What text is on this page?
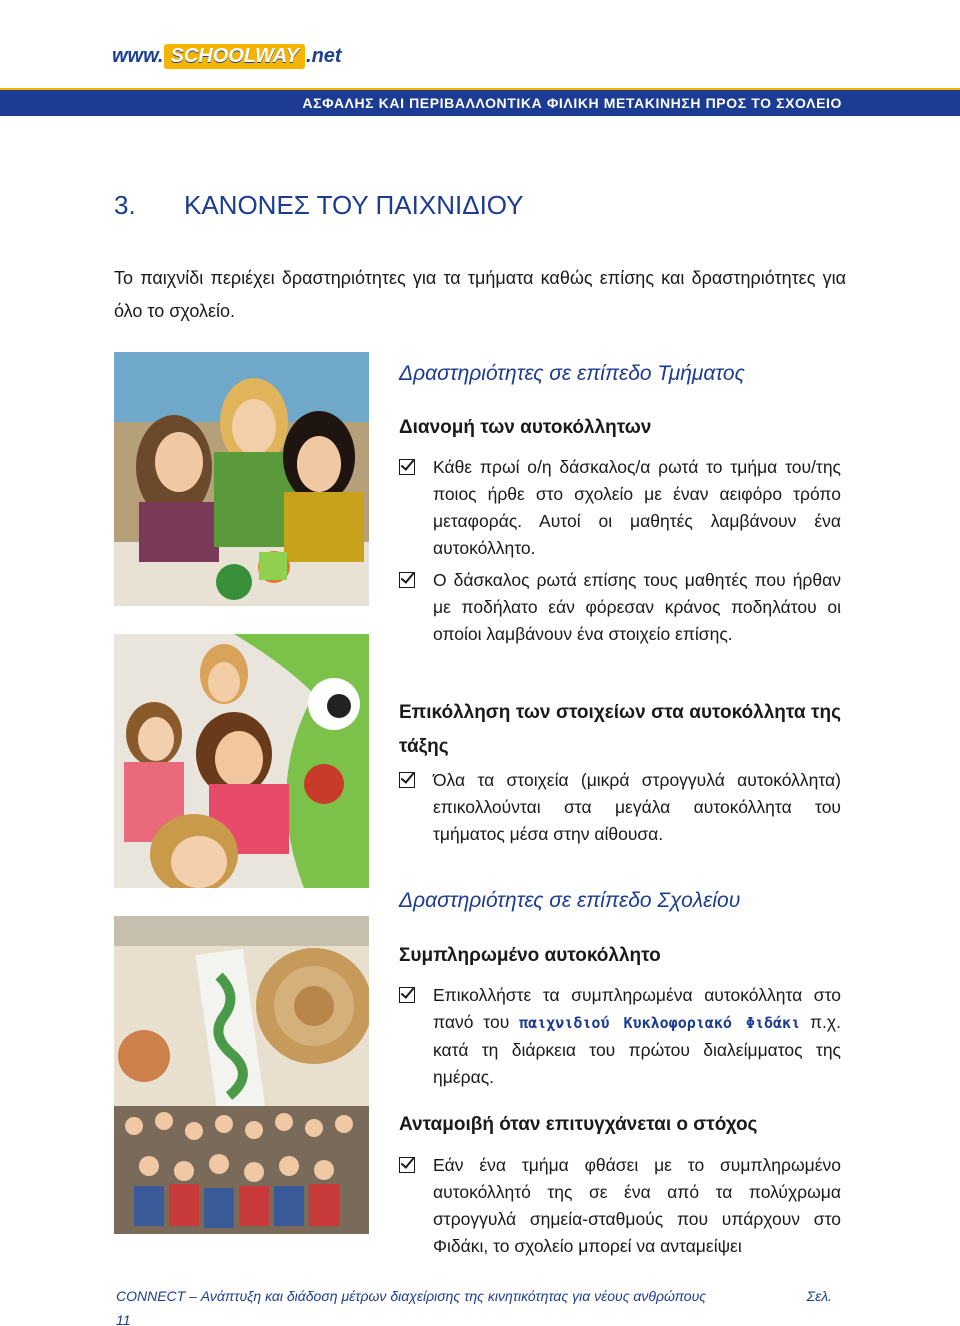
www. SCHOOLWAY .net
ΑΣΦΑΛΗΣ ΚΑΙ ΠΕΡΙΒΑΛΛΟΝΤΙΚΑ ΦΙΛΙΚΗ ΜΕΤΑΚΙΝΗΣΗ ΠΡΟΣ ΤΟ ΣΧΟΛΕΙΟ
3. ΚΑΝΟΝΕΣ ΤΟΥ ΠΑΙΧΝΙΔΙΟΥ

Το παιχνίδι περιέχει δραστηριότητες για τα τμήματα καθώς επίσης και δραστηριότητες για όλο το σχολείο.

Δραστηριότητες σε επίπεδο Τμήματος
Διανομή των αυτοκόλλητων
Κάθε πρωί ο/η δάσκαλος/α ρωτά το τμήμα του/της ποιος ήρθε στο σχολείο με έναν αειφόρο τρόπο μεταφοράς. Αυτοί οι μαθητές λαμβάνουν ένα αυτοκόλλητο.
Ο δάσκαλος ρωτά επίσης τους μαθητές που ήρθαν με ποδήλατο εάν φόρεσαν κράνος ποδηλάτου οι οποίοι λαμβάνουν ένα στοιχείο επίσης.
Επικόλληση των στοιχείων στα αυτοκόλλητα της τάξης
Όλα τα στοιχεία (μικρά στρογγυλά αυτοκόλλητα) επικολλούνται στα μεγάλα αυτοκόλλητα του τμήματος μέσα στην αίθουσα.
Δραστηριότητες σε επίπεδο Σχολείου
Συμπληρωμένο αυτοκόλλητο
Επικολλήστε τα συμπληρωμένα αυτοκόλλητα στο πανό του παιχνιδιού Κυκλοφοριακό Φιδάκι π.χ. κατά τη διάρκεια του πρώτου διαλείμματος της ημέρας.
Ανταμοιβή όταν επιτυγχάνεται ο στόχος
Εάν ένα τμήμα φθάσει με το συμπληρωμένο αυτοκόλλητό της σε ένα από τα πολύχρωμα στρογγυλά σημεία-σταθμούς που υπάρχουν στο Φιδάκι, το σχολείο μπορεί να ανταμείψει
CONNECT – Ανάπτυξη και διάδοση μέτρων διαχείρισης της κινητικότητας για νέους ανθρώπους	Σελ.
11
